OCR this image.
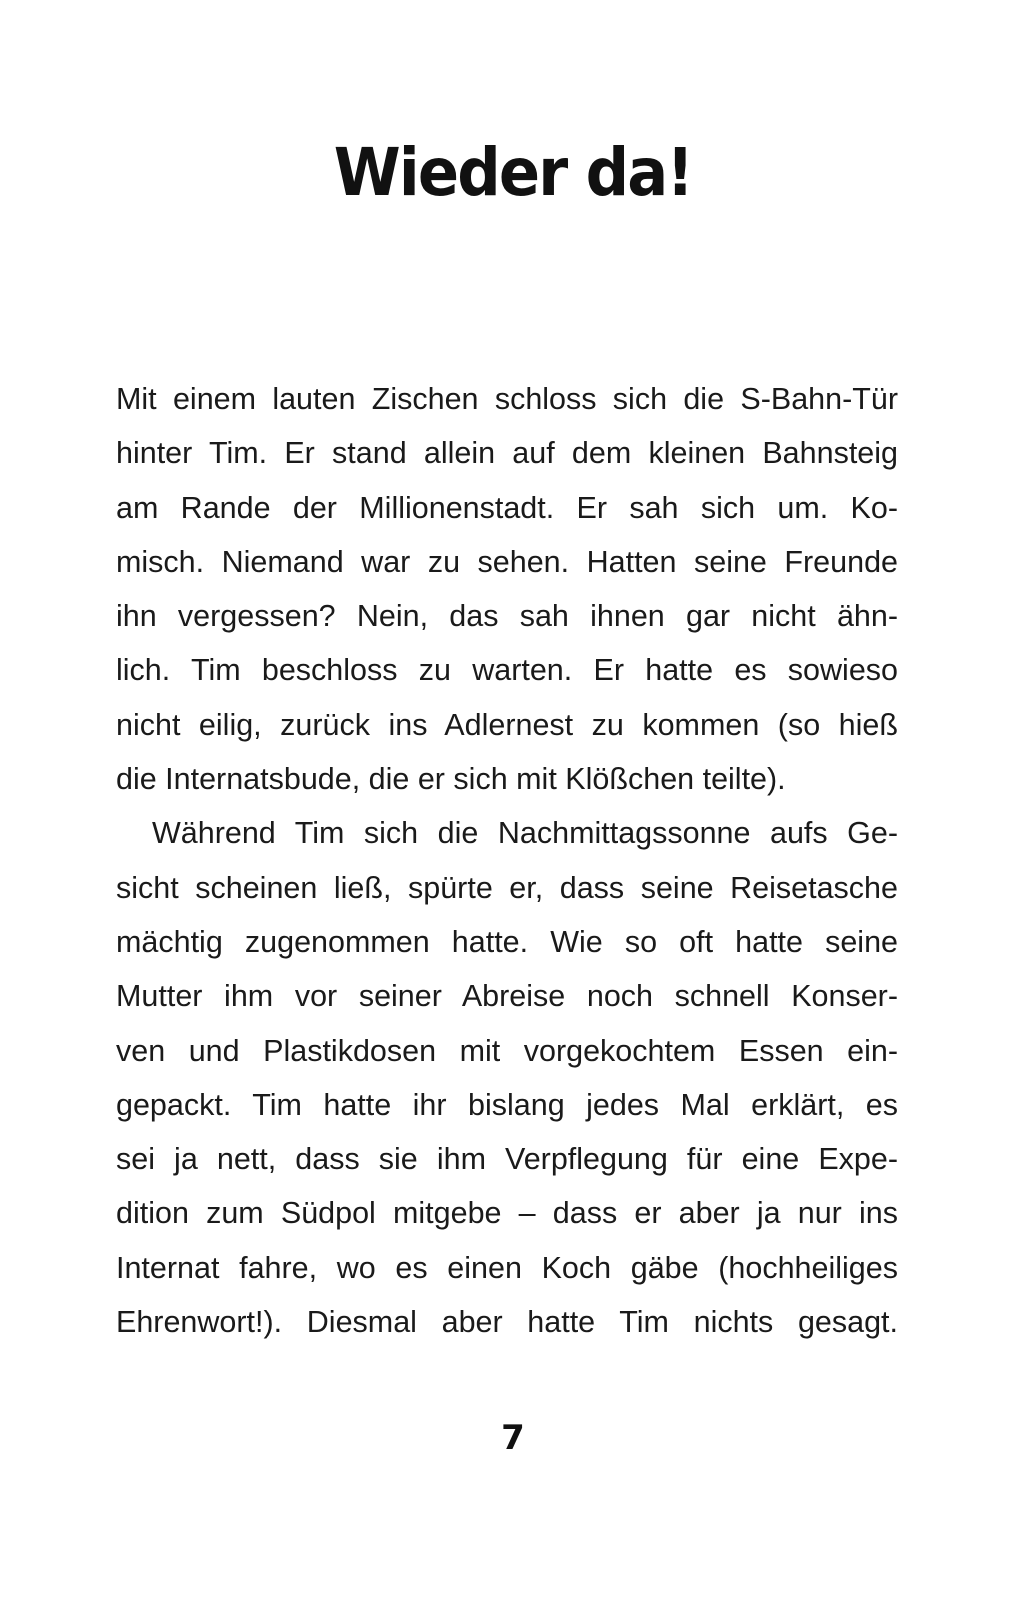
Wieder da!
Mit einem lauten Zischen schloss sich die S-Bahn-Tür
hinter Tim. Er stand allein auf dem kleinen Bahnsteig
am Rande der Millionenstadt. Er sah sich um. Ko-
misch. Niemand war zu sehen. Hatten seine Freunde
ihn vergessen? Nein, das sah ihnen gar nicht ähn-
lich. Tim beschloss zu warten. Er hatte es sowieso
nicht eilig, zurück ins Adlernest zu kommen (so hieß
die Internatsbude, die er sich mit Klößchen teilte).
Während Tim sich die Nachmittagssonne aufs Ge-
sicht scheinen ließ, spürte er, dass seine Reisetasche
mächtig zugenommen hatte. Wie so oft hatte seine
Mutter ihm vor seiner Abreise noch schnell Konser-
ven und Plastikdosen mit vorgekochtem Essen ein-
gepackt. Tim hatte ihr bislang jedes Mal erklärt, es
sei ja nett, dass sie ihm Verpflegung für eine Expe-
dition zum Südpol mitgebe – dass er aber ja nur ins
Internat fahre, wo es einen Koch gäbe (hochheiliges
Ehrenwort!). Diesmal aber hatte Tim nichts gesagt.
7
